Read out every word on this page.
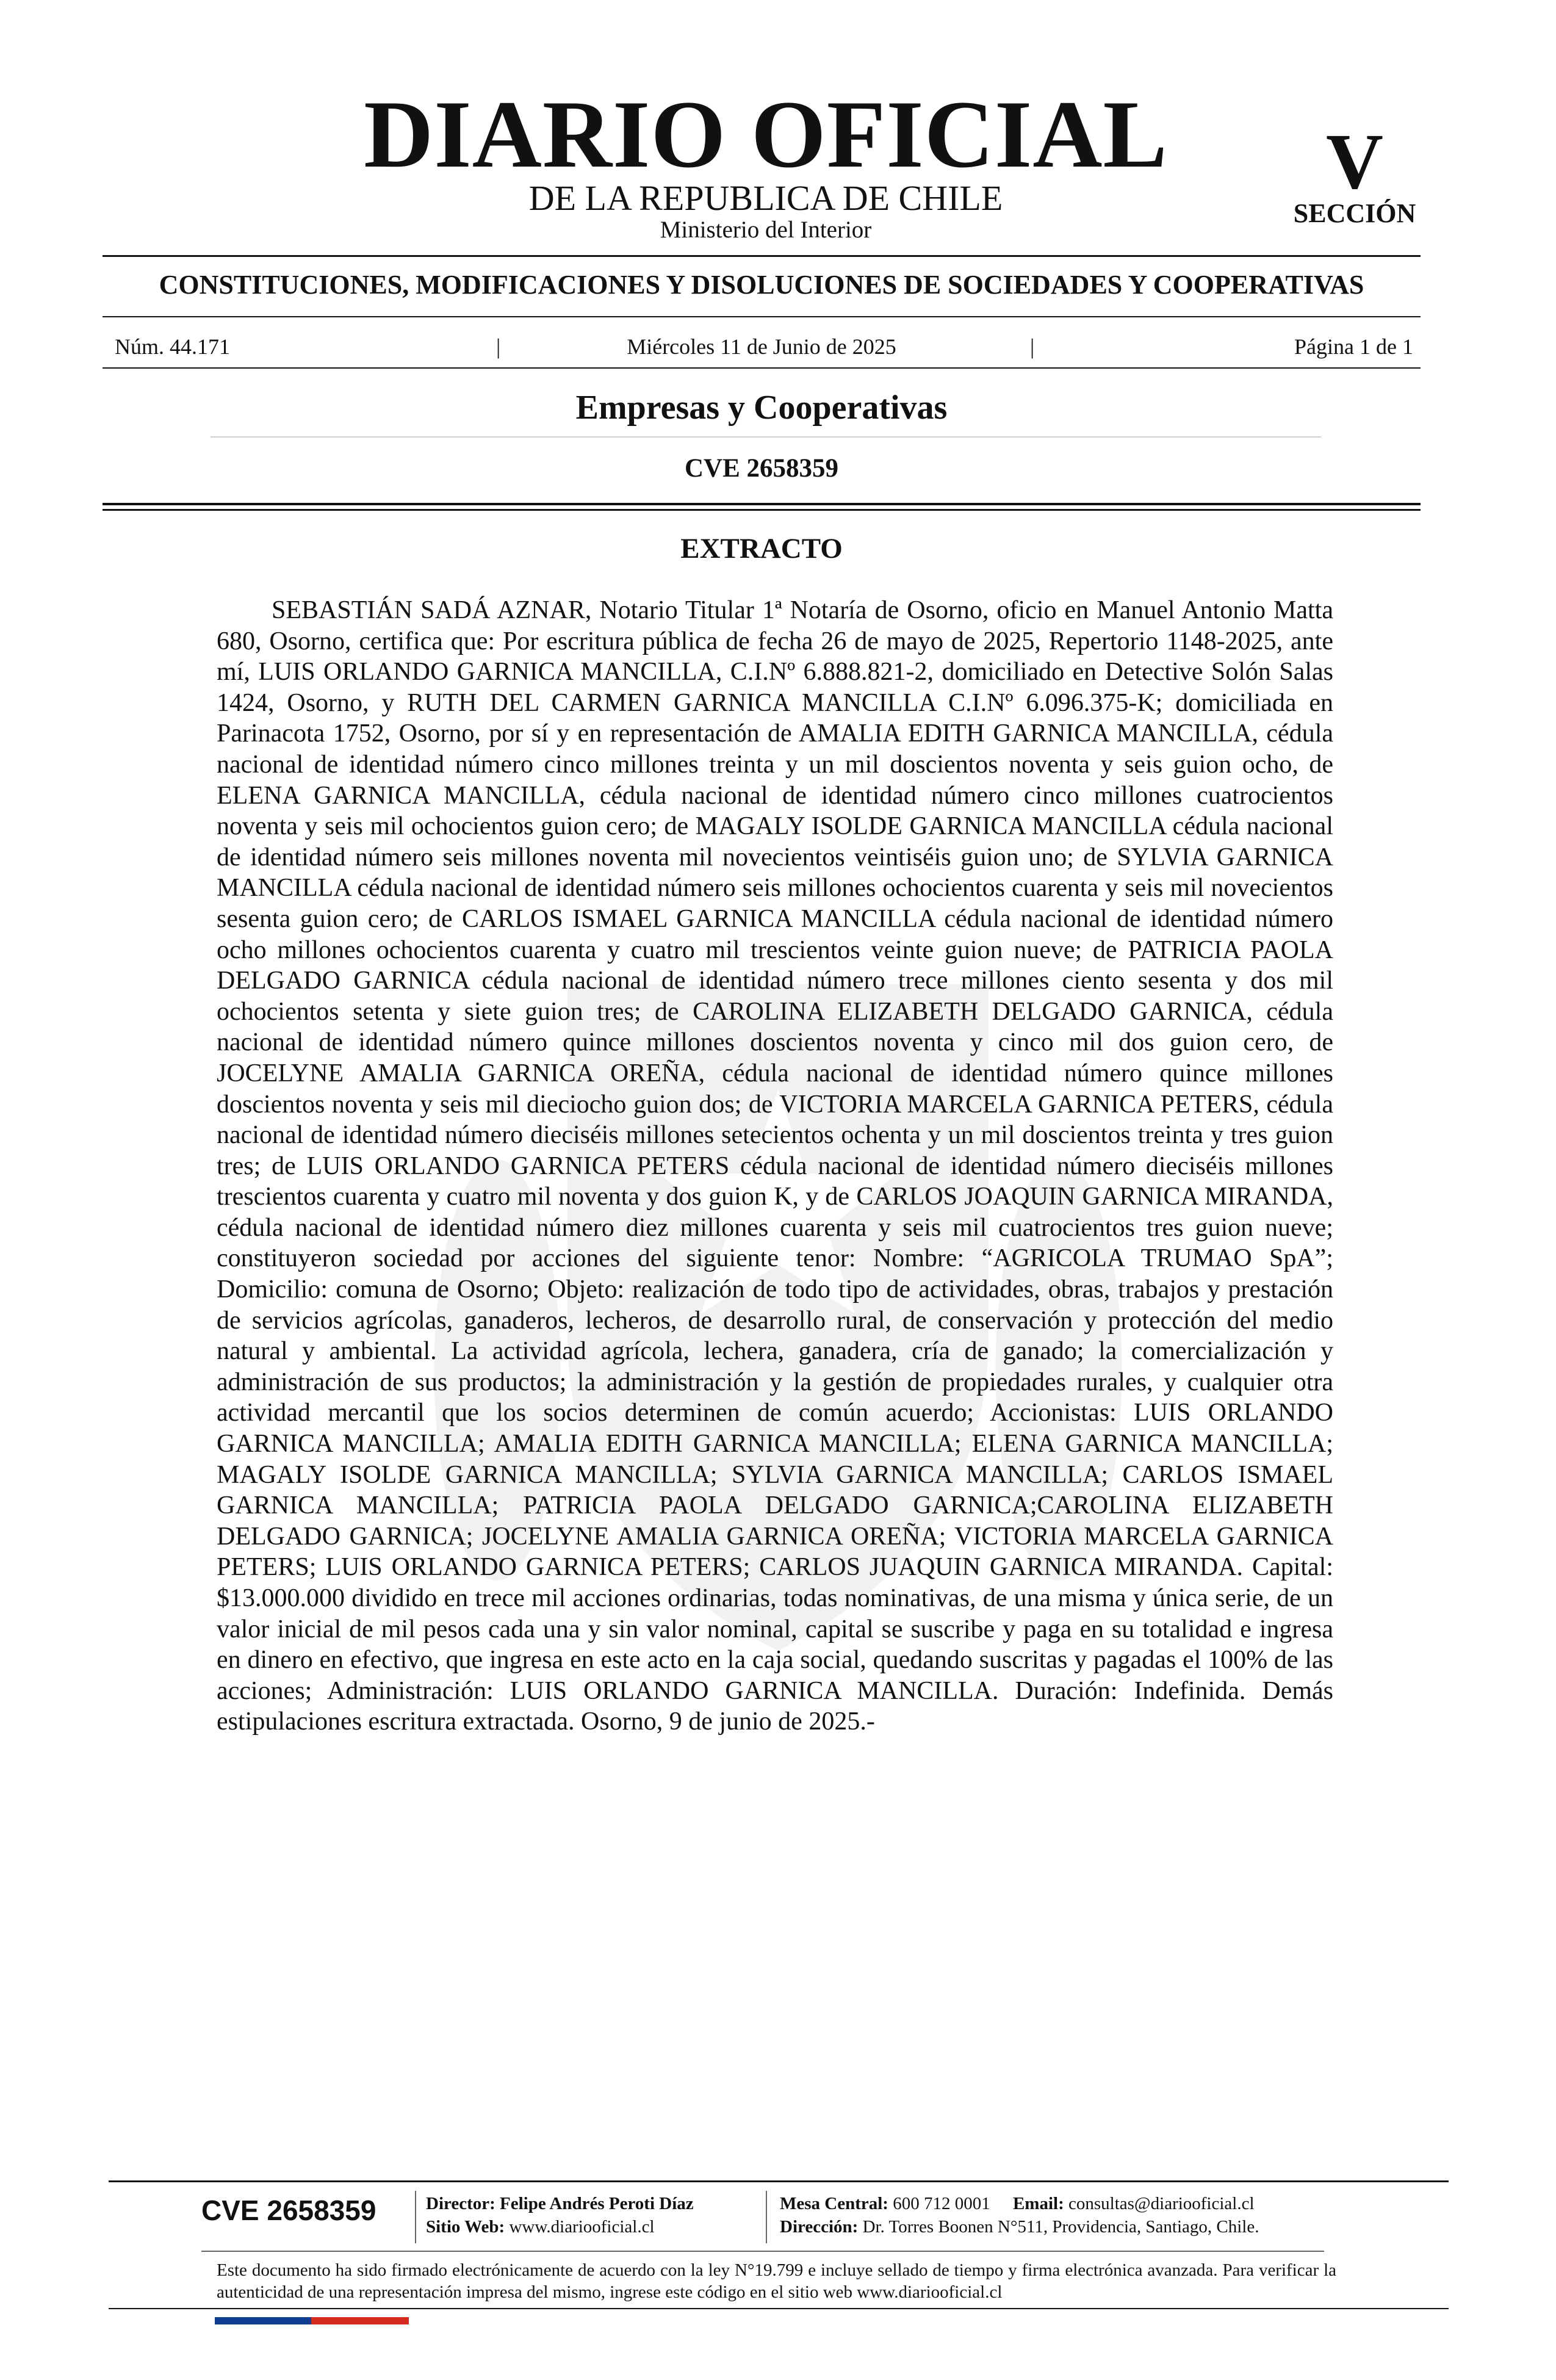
DIARIO OFICIAL
DE LA REPUBLICA DE CHILE
Ministerio del Interior
V
SECCIÓN
CONSTITUCIONES, MODIFICACIONES Y DISOLUCIONES DE SOCIEDADES Y COOPERATIVAS
Núm. 44.171	|	Miércoles 11 de Junio de 2025	|	Página 1 de 1
Empresas y Cooperativas
CVE 2658359
EXTRACTO

SEBASTIÁN SADÁ AZNAR, Notario Titular 1ª Notaría de Osorno, oficio en Manuel Antonio Matta 680, Osorno, certifica que: Por escritura pública de fecha 26 de mayo de 2025, Repertorio 1148-2025, ante mí, LUIS ORLANDO GARNICA MANCILLA, C.I.Nº 6.888.821-2, domiciliado en Detective Solón Salas 1424, Osorno, y RUTH DEL CARMEN GARNICA MANCILLA C.I.Nº 6.096.375-K; domiciliada en Parinacota 1752, Osorno, por sí y en representación de AMALIA EDITH GARNICA MANCILLA, cédula nacional de identidad número cinco millones treinta y un mil doscientos noventa y seis guion ocho, de ELENA GARNICA MANCILLA, cédula nacional de identidad número cinco millones cuatrocientos noventa y seis mil ochocientos guion cero; de MAGALY ISOLDE GARNICA MANCILLA cédula nacional de identidad número seis millones noventa mil novecientos veintiséis guion uno; de SYLVIA GARNICA MANCILLA cédula nacional de identidad número seis millones ochocientos cuarenta y seis mil novecientos sesenta guion cero; de CARLOS ISMAEL GARNICA MANCILLA cédula nacional de identidad número ocho millones ochocientos cuarenta y cuatro mil trescientos veinte guion nueve; de PATRICIA PAOLA DELGADO GARNICA cédula nacional de identidad número trece millones ciento sesenta y dos mil ochocientos setenta y siete guion tres; de CAROLINA ELIZABETH DELGADO GARNICA, cédula nacional de identidad número quince millones doscientos noventa y cinco mil dos guion cero, de JOCELYNE AMALIA GARNICA OREÑA, cédula nacional de identidad número quince millones doscientos noventa y seis mil dieciocho guion dos; de VICTORIA MARCELA GARNICA PETERS, cédula nacional de identidad número dieciséis millones setecientos ochenta y un mil doscientos treinta y tres guion tres; de LUIS ORLANDO GARNICA PETERS cédula nacional de identidad número dieciséis millones trescientos cuarenta y cuatro mil noventa y dos guion K, y de CARLOS JOAQUIN GARNICA MIRANDA, cédula nacional de identidad número diez millones cuarenta y seis mil cuatrocientos tres guion nueve; constituyeron sociedad por acciones del siguiente tenor: Nombre: “AGRICOLA TRUMAO SpA”; Domicilio: comuna de Osorno; Objeto: realización de todo tipo de actividades, obras, trabajos y prestación de servicios agrícolas, ganaderos, lecheros, de desarrollo rural, de conservación y protección del medio natural y ambiental. La actividad agrícola, lechera, ganadera, cría de ganado; la comercialización y administración de sus productos; la administración y la gestión de propiedades rurales, y cualquier otra actividad mercantil que los socios determinen de común acuerdo; Accionistas: LUIS ORLANDO GARNICA MANCILLA; AMALIA EDITH GARNICA MANCILLA; ELENA GARNICA MANCILLA; MAGALY ISOLDE GARNICA MANCILLA; SYLVIA GARNICA MANCILLA; CARLOS ISMAEL GARNICA MANCILLA; PATRICIA PAOLA DELGADO GARNICA;CAROLINA ELIZABETH DELGADO GARNICA; JOCELYNE AMALIA GARNICA OREÑA; VICTORIA MARCELA GARNICA PETERS; LUIS ORLANDO GARNICA PETERS; CARLOS JUAQUIN GARNICA MIRANDA. Capital: $13.000.000 dividido en trece mil acciones ordinarias, todas nominativas, de una misma y única serie, de un valor inicial de mil pesos cada una y sin valor nominal, capital se suscribe y paga en su totalidad e ingresa en dinero en efectivo, que ingresa en este acto en la caja social, quedando suscritas y pagadas el 100% de las acciones; Administración: LUIS ORLANDO GARNICA MANCILLA. Duración: Indefinida. Demás estipulaciones escritura extractada. Osorno, 9 de junio de 2025.-

CVE 2658359	Director: Felipe Andrés Peroti Díaz
Sitio Web: www.diariooficial.cl
Mesa Central: 600 712 0001 Email: consultas@diariooficial.cl
Dirección: Dr. Torres Boonen N°511, Providencia, Santiago, Chile.

Este documento ha sido firmado electrónicamente de acuerdo con la ley N°19.799 e incluye sellado de tiempo y firma electrónica avanzada. Para verificar la autenticidad de una representación impresa del mismo, ingrese este código en el sitio web www.diariooficial.cl
